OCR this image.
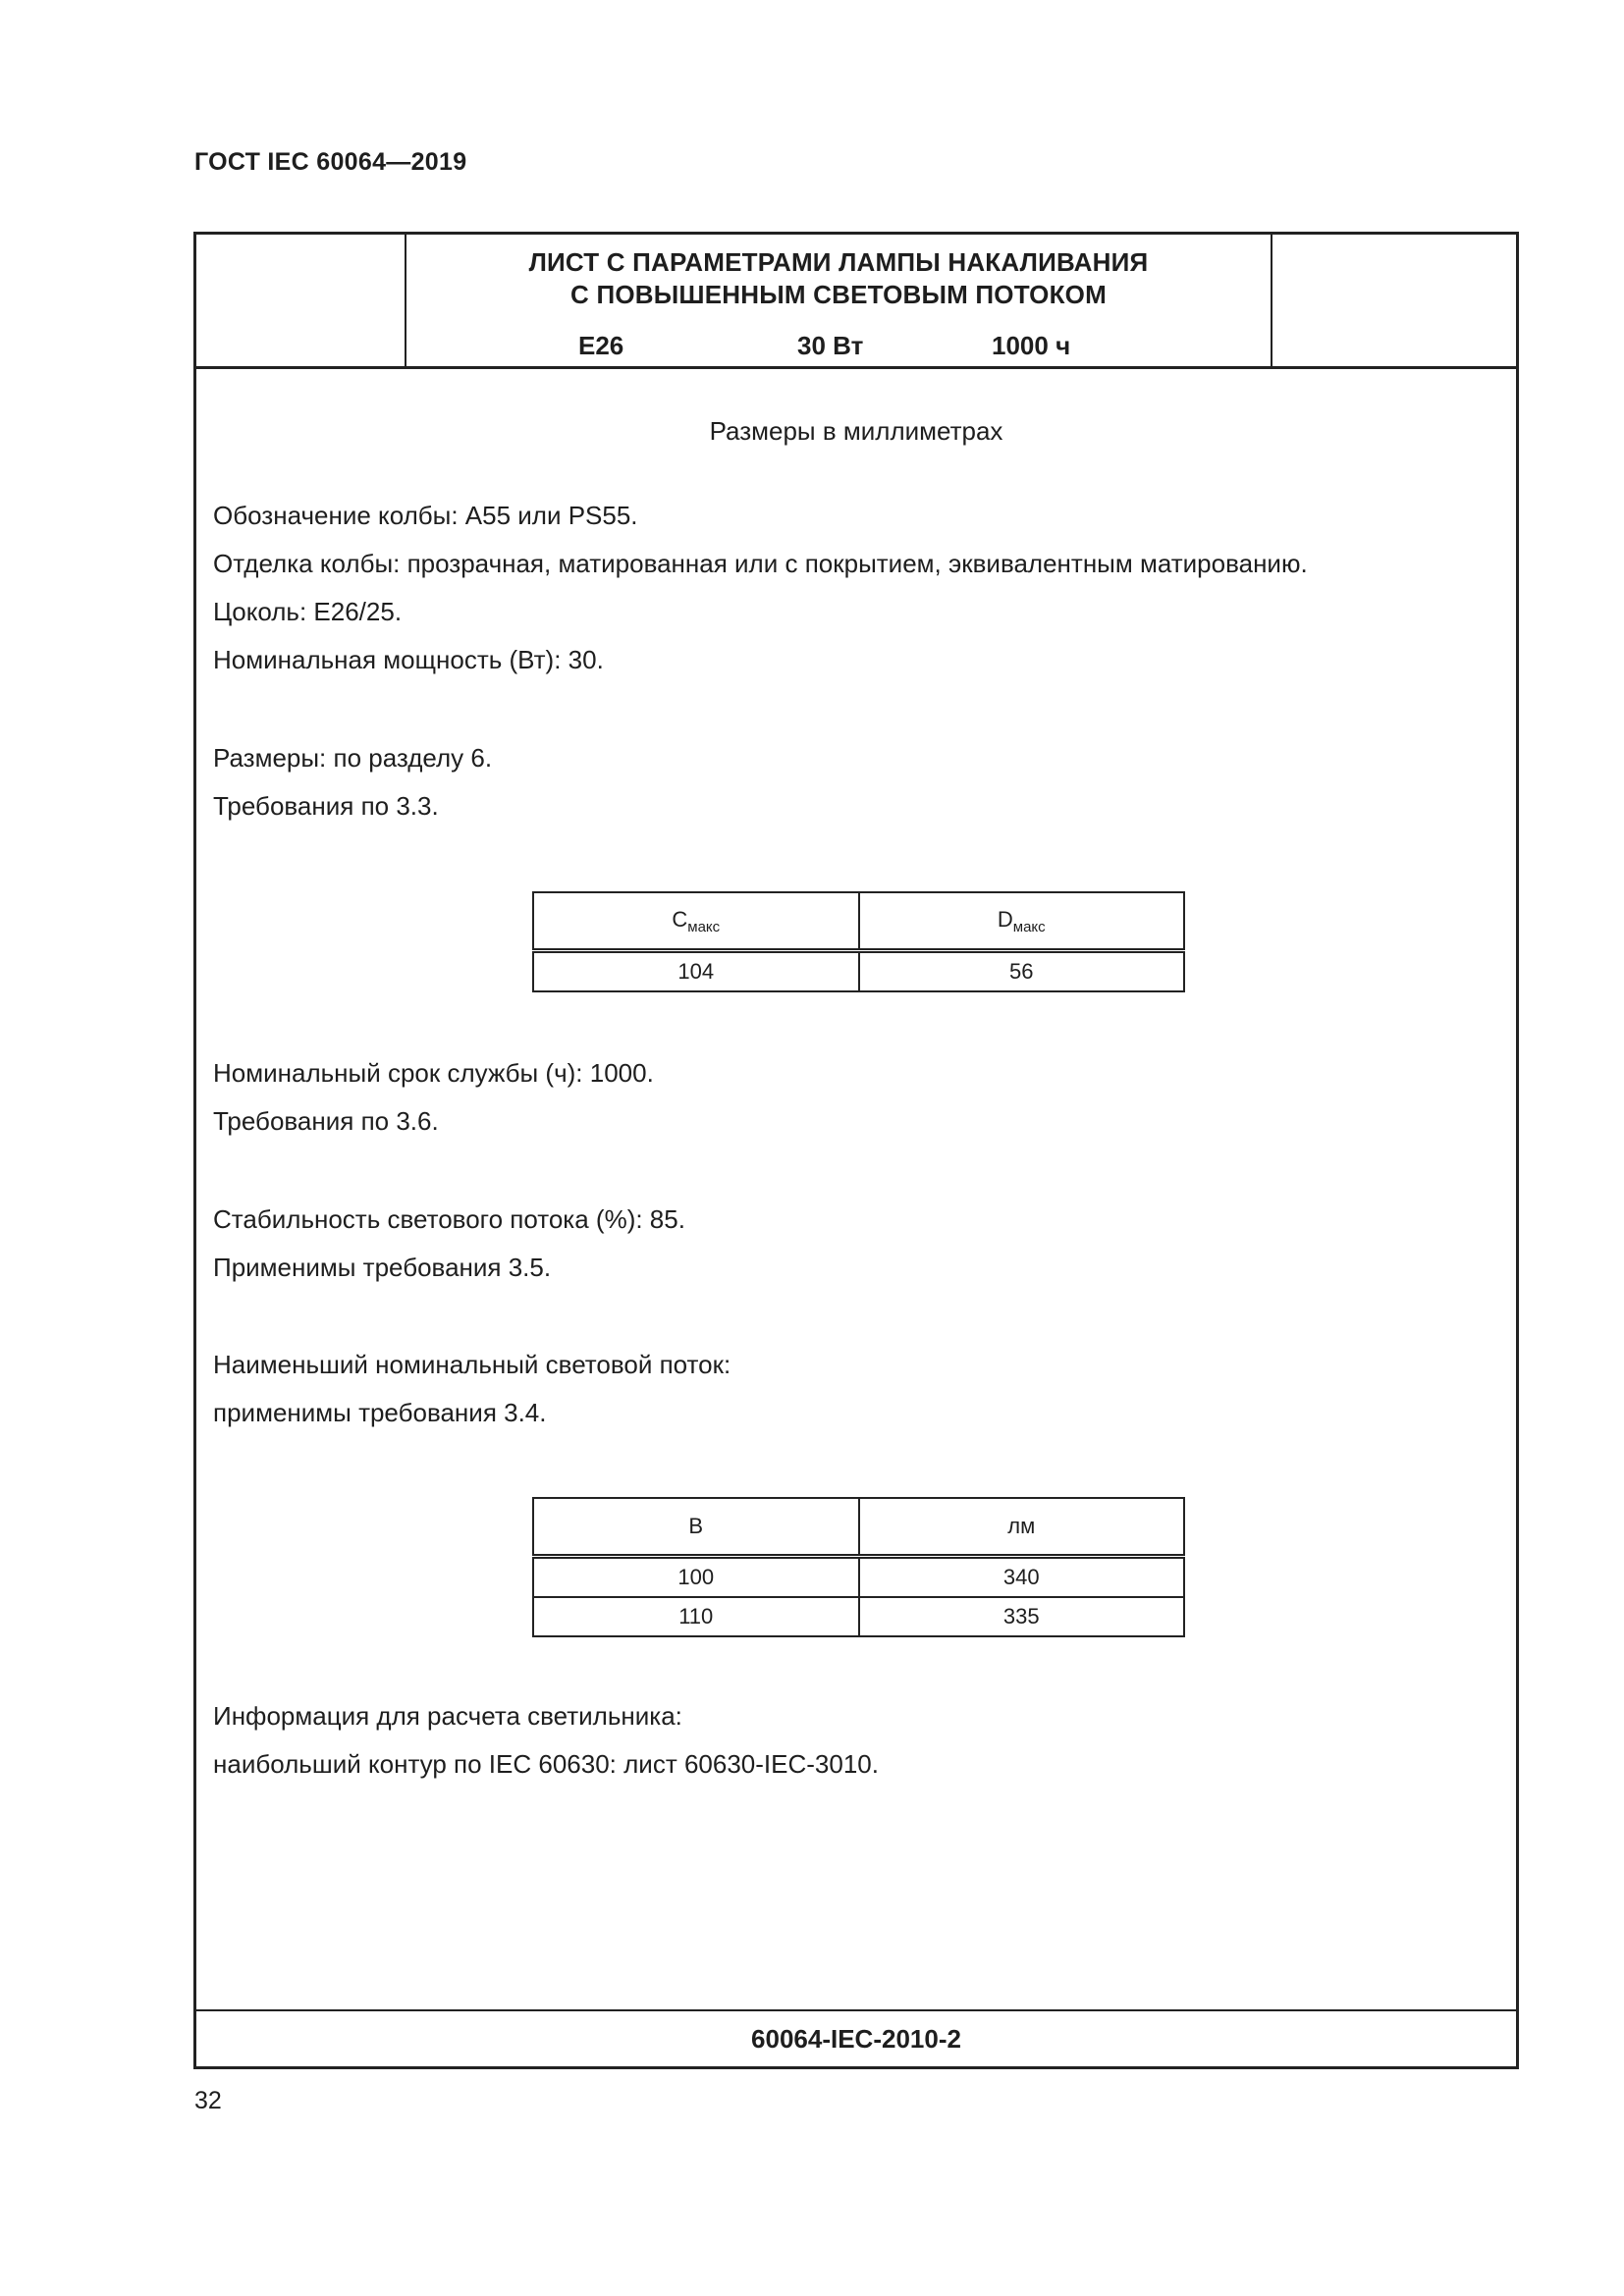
ГОСТ IEC 60064—2019
ЛИСТ С ПАРАМЕТРАМИ ЛАМПЫ НАКАЛИВАНИЯ
С ПОВЫШЕННЫМ СВЕТОВЫМ ПОТОКОМ
E26	30 Вт	1000 ч
Размеры в миллиметрах
Обозначение колбы: А55 или PS55.
Отделка колбы: прозрачная, матированная или с покрытием, эквивалентным матированию.
Цоколь: E26/25.
Номинальная мощность (Вт): 30.
Размеры: по разделу 6.
Требования по 3.3.
$C_{макс}$	$D_{макс}$
104	56
Номинальный срок службы (ч): 1000.
Требования по 3.6.
Стабильность светового потока (%): 85.
Применимы требования 3.5.
Наименьший номинальный световой поток:
применимы требования 3.4.
В	лм
100	340
110	335
Информация для расчета светильника:
наибольший контур по IEC 60630: лист 60630-IEC-3010.
60064-IEC-2010-2
32
